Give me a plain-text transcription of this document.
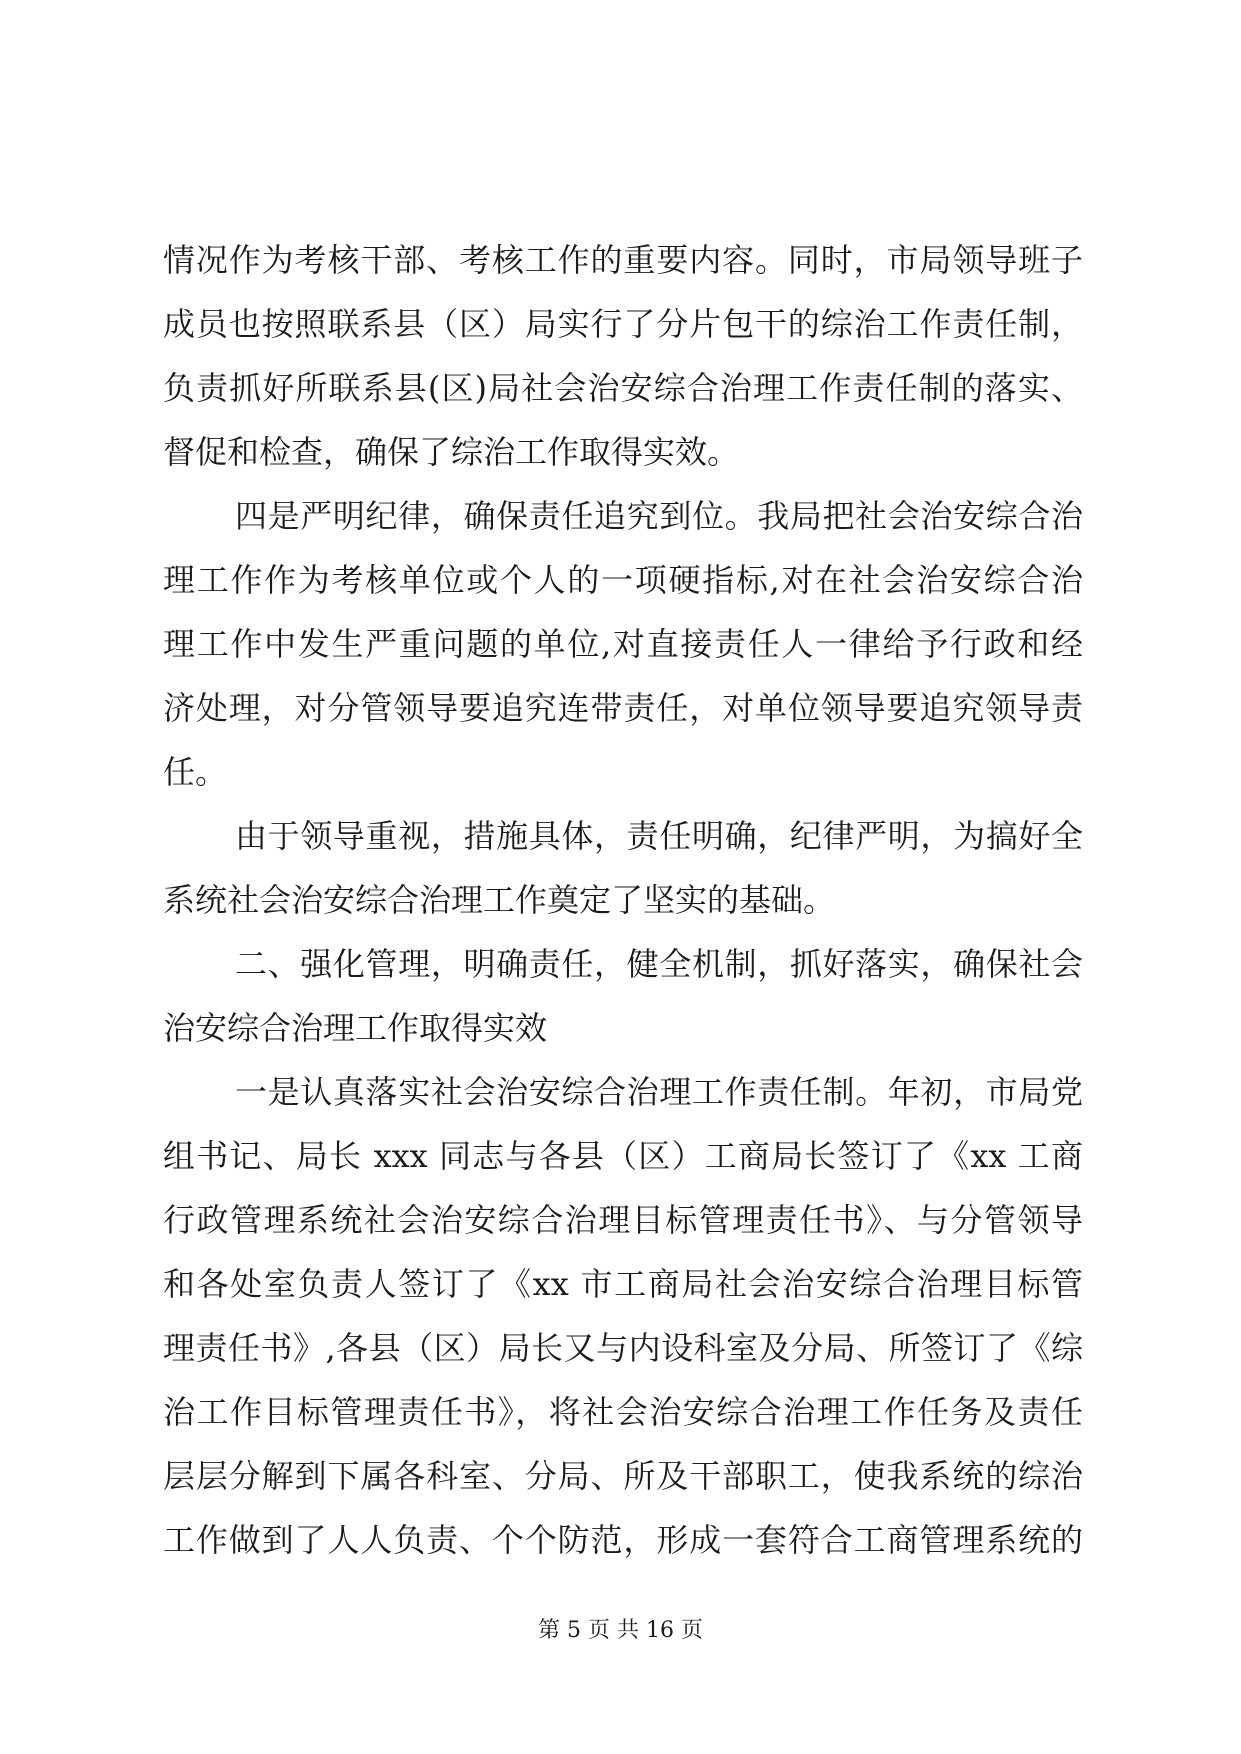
情况作为考核干部、考核工作的重要内容。同时，市局领导班子
成员也按照联系县（区）局实行了分片包干的综治工作责任制，
负责抓好所联系县(区)局社会治安综合治理工作责任制的落实、
督促和检查，确保了综治工作取得实效。
四是严明纪律，确保责任追究到位。我局把社会治安综合治
理工作作为考核单位或个人的一项硬指标,对在社会治安综合治
理工作中发生严重问题的单位,对直接责任人一律给予行政和经
济处理，对分管领导要追究连带责任，对单位领导要追究领导责
任。
由于领导重视，措施具体，责任明确，纪律严明，为搞好全
系统社会治安综合治理工作奠定了坚实的基础。
二、强化管理，明确责任，健全机制，抓好落实，确保社会
治安综合治理工作取得实效
一是认真落实社会治安综合治理工作责任制。年初，市局党
组书记、局长 xxx 同志与各县（区）工商局长签订了《xx 工商
行政管理系统社会治安综合治理目标管理责任书》、与分管领导
和各处室负责人签订了《xx 市工商局社会治安综合治理目标管
理责任书》,各县（区）局长又与内设科室及分局、所签订了《综
治工作目标管理责任书》，将社会治安综合治理工作任务及责任
层层分解到下属各科室、分局、所及干部职工，使我系统的综治
工作做到了人人负责、个个防范，形成一套符合工商管理系统的
第 5 页 共 16 页
